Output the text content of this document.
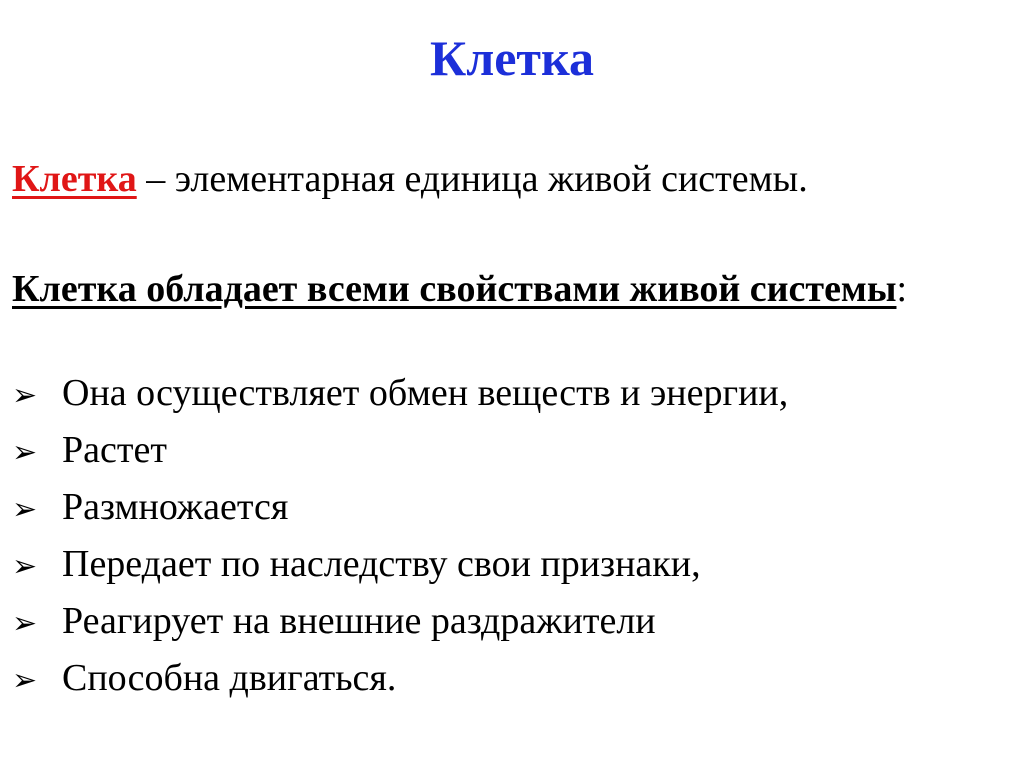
Клетка
Клетка – элементарная единица живой системы.
Клетка обладает всеми свойствами живой системы:
➢ Она осуществляет обмен веществ и энергии,
➢ Растет
➢ Размножается
➢ Передает по наследству свои признаки,
➢ Реагирует на внешние раздражители
➢ Способна двигаться.
